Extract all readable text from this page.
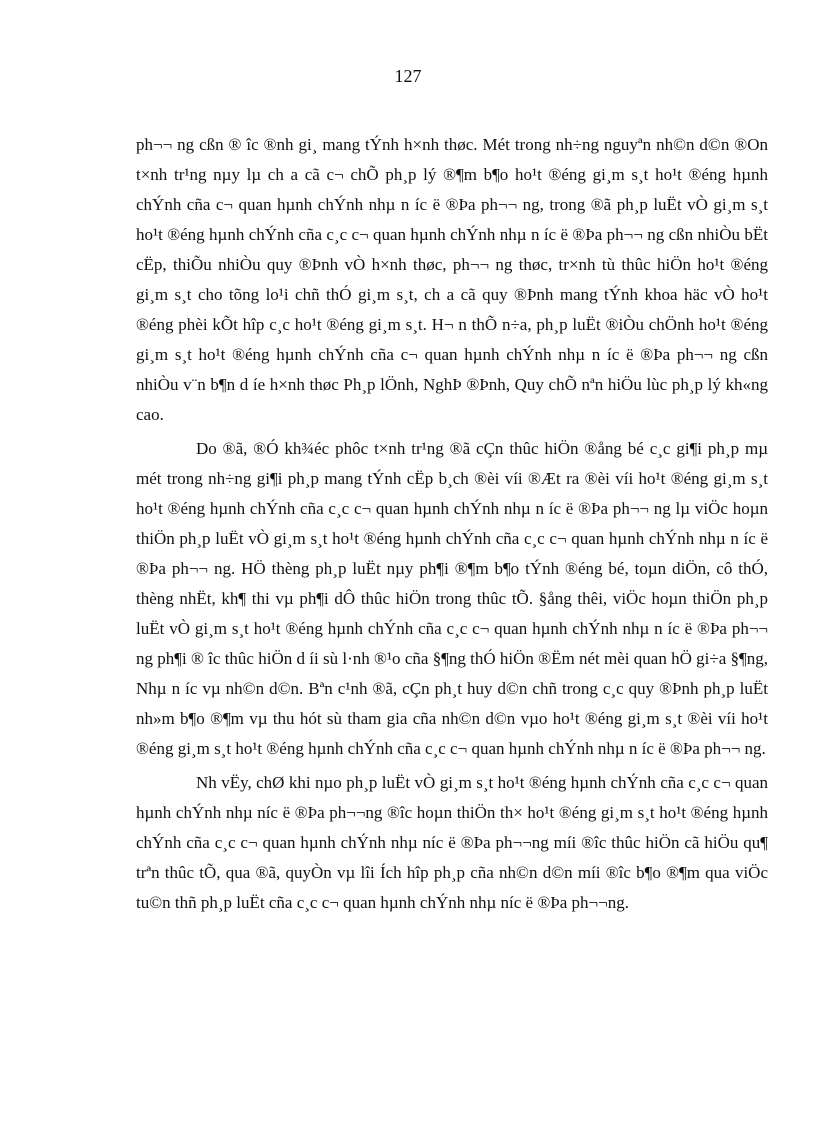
127

ph¬¬ ng cßn ® îc ®nh gi¸ mang tÝnh h×nh thøc. Mét trong nh÷ng nguyªn nh©n d©n ®On t×nh tr¹ng nµy lµ ch a cã c¬ chÕ ph¸p lý ®¶m b¶o ho¹t ®éng gi¸m s¸t ho¹t ®éng hµnh chÝnh cña c¬ quan hµnh chÝnh nhµ n íc ë ®Þa ph¬¬ ng, trong ®ã ph¸p luËt vÒ gi¸m s¸t ho¹t ®éng hµnh chÝnh cña c¸c c¬ quan hµnh chÝnh nhµ n íc ë ®Þa ph¬¬ ng cßn nhiÒu bËt cËp, thiÕu nhiÒu quy ®Þnh vÒ h×nh thøc, ph¬¬ ng thøc, tr×nh tù thûc hiÖn ho¹t ®éng gi¸m s¸t cho tõng lo¹i chñ thÓ gi¸m s¸t, ch a cã quy ®Þnh mang tÝnh khoa häc vÒ ho¹t ®éng phèi kÕt hîp c¸c ho¹t ®éng gi¸m s¸t. H¬ n thÕ n÷a, ph¸p luËt ®iÒu chÖnh ho¹t ®éng gi¸m s¸t ho¹t ®éng hµnh chÝnh cña c¬ quan hµnh chÝnh nhµ n íc ë ®Þa ph¬¬ ng cßn nhiÒu v¨n b¶n d íe h×nh thøc Ph¸p lÖnh, NghÞ ®Þnh, Quy chÕ nªn hiÖu lùc ph¸p lý kh«ng cao.

Do ®ã, ®Ó kh¾éc phôc t×nh tr¹ng ®ã cÇn thûc hiÖn ®ång bé c¸c gi¶i ph¸p mµ mét trong nh÷ng gi¶i ph¸p mang tÝnh cËp b¸ch ®èi víi ®Æt ra ®èi víi ho¹t ®éng gi¸m s¸t ho¹t ®éng hµnh chÝnh cña c¸c c¬ quan hµnh chÝnh nhµ n íc ë ®Þa ph¬¬ ng lµ viÖc hoµn thiÖn ph¸p luËt vÒ gi¸m s¸t ho¹t ®éng hµnh chÝnh cña c¸c c¬ quan hµnh chÝnh nhµ n íc ë ®Þa ph¬¬ ng. HÖ thèng ph¸p luËt nµy ph¶i ®¶m b¶o tÝnh ®éng bé, toµn diÖn, cô thÓ, thèng nhËt, kh¶ thi vµ ph¶i dÔ thûc hiÖn trong thûc tÕ. §ång thêi, viÖc hoµn thiÖn ph¸p luËt vÒ gi¸m s¸t ho¹t ®éng hµnh chÝnh cña c¸c c¬ quan hµnh chÝnh nhµ n íc ë ®Þa ph¬¬ ng ph¶i ® îc thûc hiÖn d íi sù l·nh ®¹o cña §¶ng thÓ hiÖn ®Ëm nét mèi quan hÖ gi÷a §¶ng, Nhµ n íc vµ nh©n d©n. Bªn c¹nh ®ã, cÇn ph¸t huy d©n chñ trong c¸c quy ®Þnh ph¸p luËt nh»m b¶o ®¶m vµ thu hót sù tham gia cña nh©n d©n vµo ho¹t ®éng gi¸m s¸t ®èi víi ho¹t ®éng gi¸m s¸t ho¹t ®éng hµnh chÝnh cña c¸c c¬ quan hµnh chÝnh nhµ n íc ë ®Þa ph¬¬ ng.

Nh vËy, chØ khi nµo ph¸p luËt vÒ gi¸m s¸t ho¹t ®éng hµnh chÝnh cña c¸c c¬ quan hµnh chÝnh nhµ níc ë ®Þa ph¬¬ng ®îc hoµn thiÖn th× ho¹t ®éng gi¸m s¸t ho¹t ®éng hµnh chÝnh cña c¸c c¬ quan hµnh chÝnh nhµ níc ë ®Þa ph¬¬ng míi ®îc thûc hiÖn cã hiÖu qu¶ trªn thûc tÕ, qua ®ã, quyÒn vµ lîi Ích hîp ph¸p cña nh©n d©n míi ®îc b¶o ®¶m qua viÖc tu©n thñ ph¸p luËt cña c¸c c¬ quan hµnh chÝnh nhµ níc ë ®Þa ph¬¬ng.
